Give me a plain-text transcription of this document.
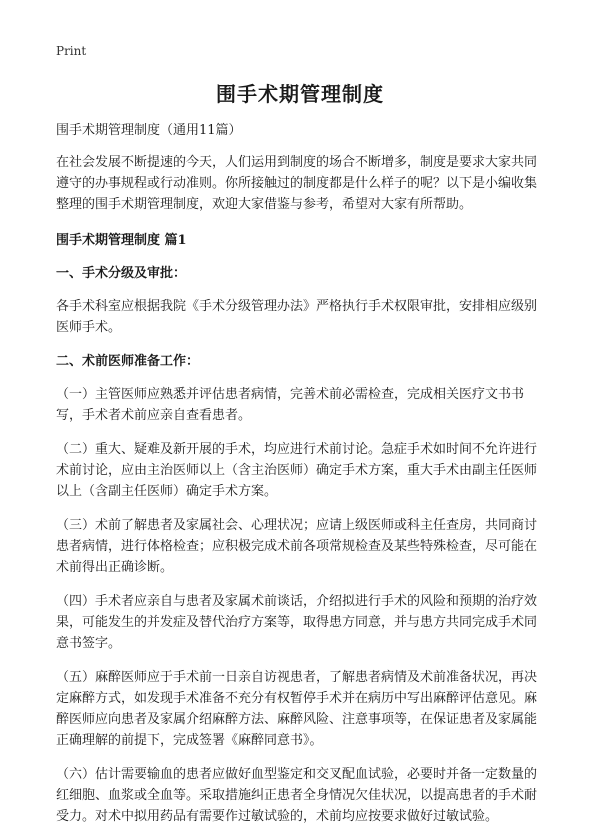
Print
围手术期管理制度

围手术期管理制度（通用11篇）

在社会发展不断提速的今天，人们运用到制度的场合不断增多，制度是要求大家共同遵守的办事规程或行动准则。你所接触过的制度都是什么样子的呢？以下是小编收集整理的围手术期管理制度，欢迎大家借鉴与参考，希望对大家有所帮助。

围手术期管理制度 篇1

一、手术分级及审批：

各手术科室应根据我院《手术分级管理办法》严格执行手术权限审批，安排相应级别医师手术。

二、术前医师准备工作：

（一）主管医师应熟悉并评估患者病情，完善术前必需检查，完成相关医疗文书书写，手术者术前应亲自查看患者。

（二）重大、疑难及新开展的手术，均应进行术前讨论。急症手术如时间不允许进行术前讨论，应由主治医师以上（含主治医师）确定手术方案，重大手术由副主任医师以上（含副主任医师）确定手术方案。

（三）术前了解患者及家属社会、心理状况；应请上级医师或科主任查房，共同商讨患者病情，进行体格检查；应积极完成术前各项常规检查及某些特殊检查，尽可能在术前得出正确诊断。

（四）手术者应亲自与患者及家属术前谈话，介绍拟进行手术的风险和预期的治疗效果，可能发生的并发症及替代治疗方案等，取得患方同意，并与患方共同完成手术同意书签字。

（五）麻醉医师应于手术前一日亲自访视患者，了解患者病情及术前准备状况，再决定麻醉方式，如发现手术准备不充分有权暂停手术并在病历中写出麻醉评估意见。麻醉医师应向患者及家属介绍麻醉方法、麻醉风险、注意事项等，在保证患者及家属能正确理解的前提下，完成签署《麻醉同意书》。

（六）估计需要输血的患者应做好血型鉴定和交叉配血试验，必要时并备一定数量的红细胞、血浆或全血等。采取措施纠正患者全身情况欠佳状况，以提高患者的手术耐受力。对术中拟用药品有需要作过敏试验的，术前均应按要求做好过敏试验。
